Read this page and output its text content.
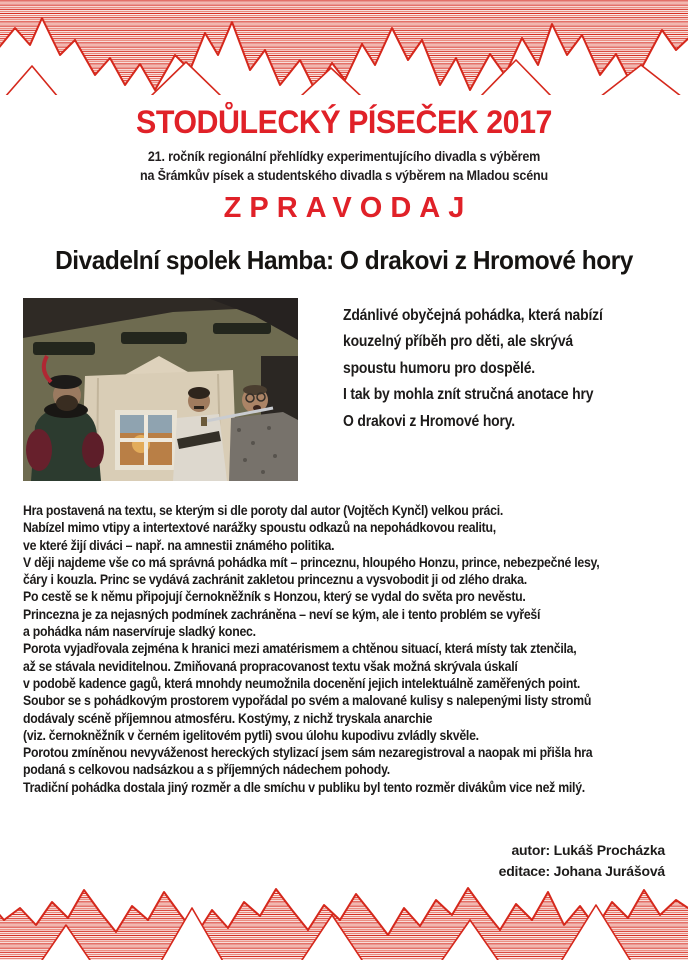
STODŮLECKÝ PÍSEČEK 2017
21. ročník regionální přehlídky experimentujícího divadla s výběrem
na Šrámkův písek a studentského divadla s výběrem na Mladou scénu
ZPRAVODAJ
Divadelní spolek Hamba: O drakovi z Hromové hory
Zdánlivé obyčejná pohádka, která nabízí
kouzelný příběh pro děti, ale skrývá
spoustu humoru pro dospělé.
I tak by mohla znít stručná anotace hry
O drakovi z Hromové hory.
Hra postavená na textu, se kterým si dle poroty dal autor (Vojtěch Kynčl) velkou práci.
Nabízel mimo vtipy a intertextové narážky spoustu odkazů na nepohádkovou realitu,
ve které žijí diváci – např. na amnestii známého politika.
V ději najdeme vše co má správná pohádka mít – princeznu, hloupého Honzu, prince, nebezpečné lesy,
čáry i kouzla. Princ se vydává zachránit zakletou princeznu a vysvobodit ji od zlého draka.
Po cestě se k němu připojují černokněžník s Honzou, který se vydal do světa pro nevěstu.
Princezna je za nejasných podmínek zachráněna – neví se kým, ale i tento problém se vyřeší
a pohádka nám naservíruje sladký konec.
Porota vyjadřovala zejména k hranici mezi amatérismem a chtěnou situací, která místy tak ztenčila,
až se stávala neviditelnou. Zmiňovaná propracovanost textu však možná skrývala úskalí
v podobě kadence gagů, která mnohdy neumožnila docenění jejich intelektuálně zaměřených point.
Soubor se s pohádkovým prostorem vypořádal po svém a malované kulisy s nalepenými listy stromů
dodávaly scéně příjemnou atmosféru. Kostýmy, z nichž tryskala anarchie
(viz. černokněžník v černém igelitovém pytli) svou úlohu kupodivu zvládly skvěle.
Porotou zmíněnou nevyváženost hereckých stylizací jsem sám nezaregistroval a naopak mi přišla hra
podaná s celkovou nadsázkou a s příjemných nádechem pohody.
Tradiční pohádka dostala jiný rozměr a dle smíchu v publiku byl tento rozměr divákům vice než milý.
autor: Lukáš Procházka
editace: Johana Jurášová
